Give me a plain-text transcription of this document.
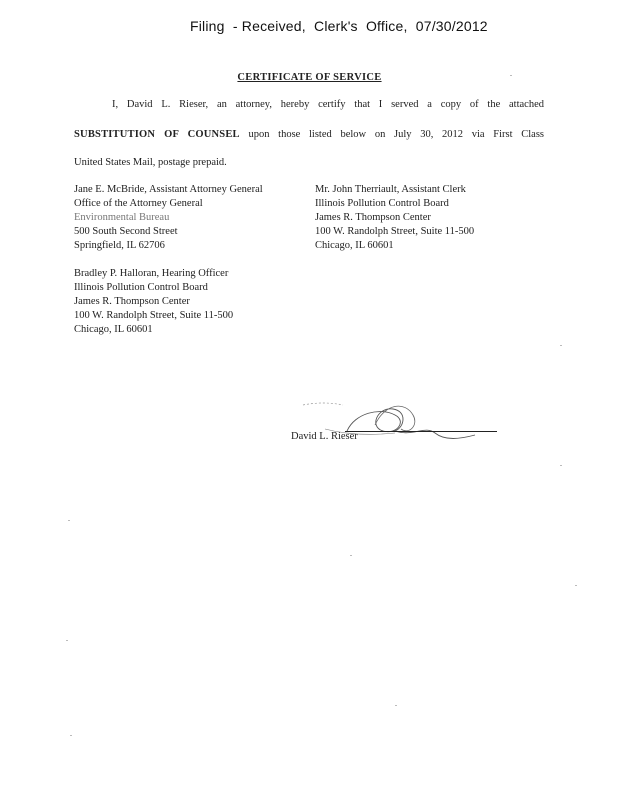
Filing  - Received,  Clerk's  Office,  07/30/2012
CERTIFICATE OF SERVICE
I, David L. Rieser, an attorney, hereby certify that I served a copy of the attached
SUBSTITUTION OF COUNSEL upon those listed below on July 30, 2012 via First Class
United States Mail, postage prepaid.
Jane E. McBride, Assistant Attorney General
Office of the Attorney General
Environmental Bureau
500 South Second Street
Springfield, IL 62706
Mr. John Therriault, Assistant Clerk
Illinois Pollution Control Board
James R. Thompson Center
100 W. Randolph Street, Suite 11-500
Chicago, IL 60601
Bradley P. Halloran, Hearing Officer
Illinois Pollution Control Board
James R. Thompson Center
100 W. Randolph Street, Suite 11-500
Chicago, IL 60601
David L. Rieser
